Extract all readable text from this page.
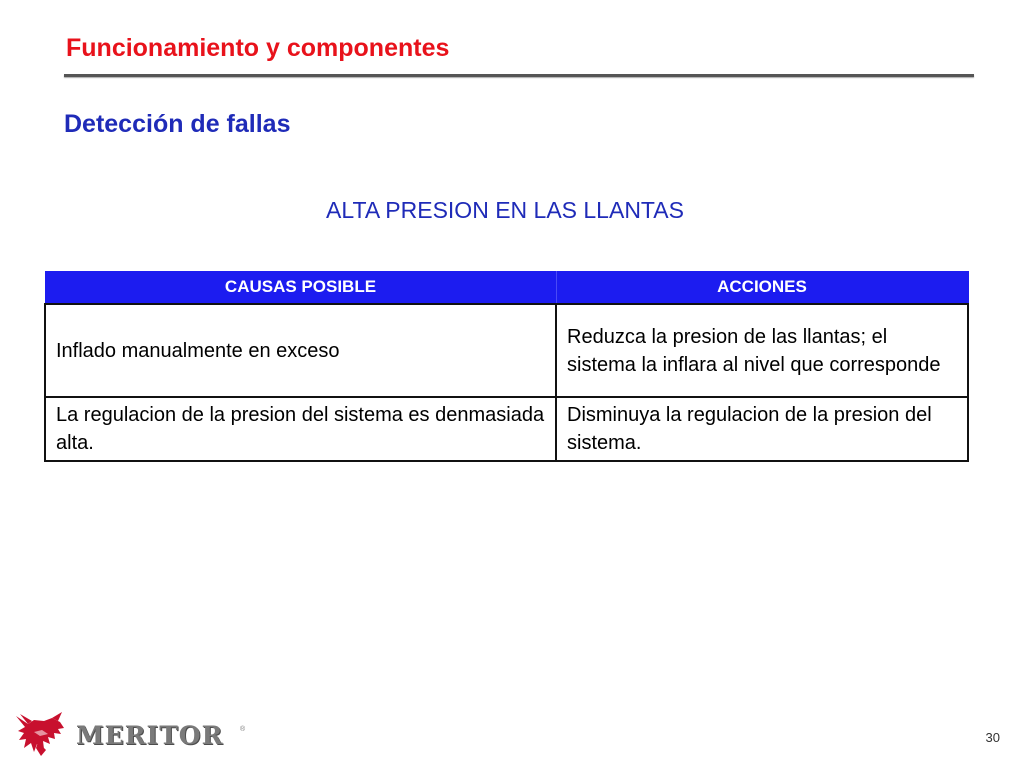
Funcionamiento y componentes
Detección de fallas
ALTA PRESION EN LAS LLANTAS
CAUSAS POSIBLE	ACCIONES
Inflado manualmente en exceso	Reduzca la presion de las llantas; el sistema la inflara al nivel que corresponde
La regulacion de la presion del sistema es denmasiada alta.	Disminuya la regulacion de la presion del sistema.
MERITOR ®
30
